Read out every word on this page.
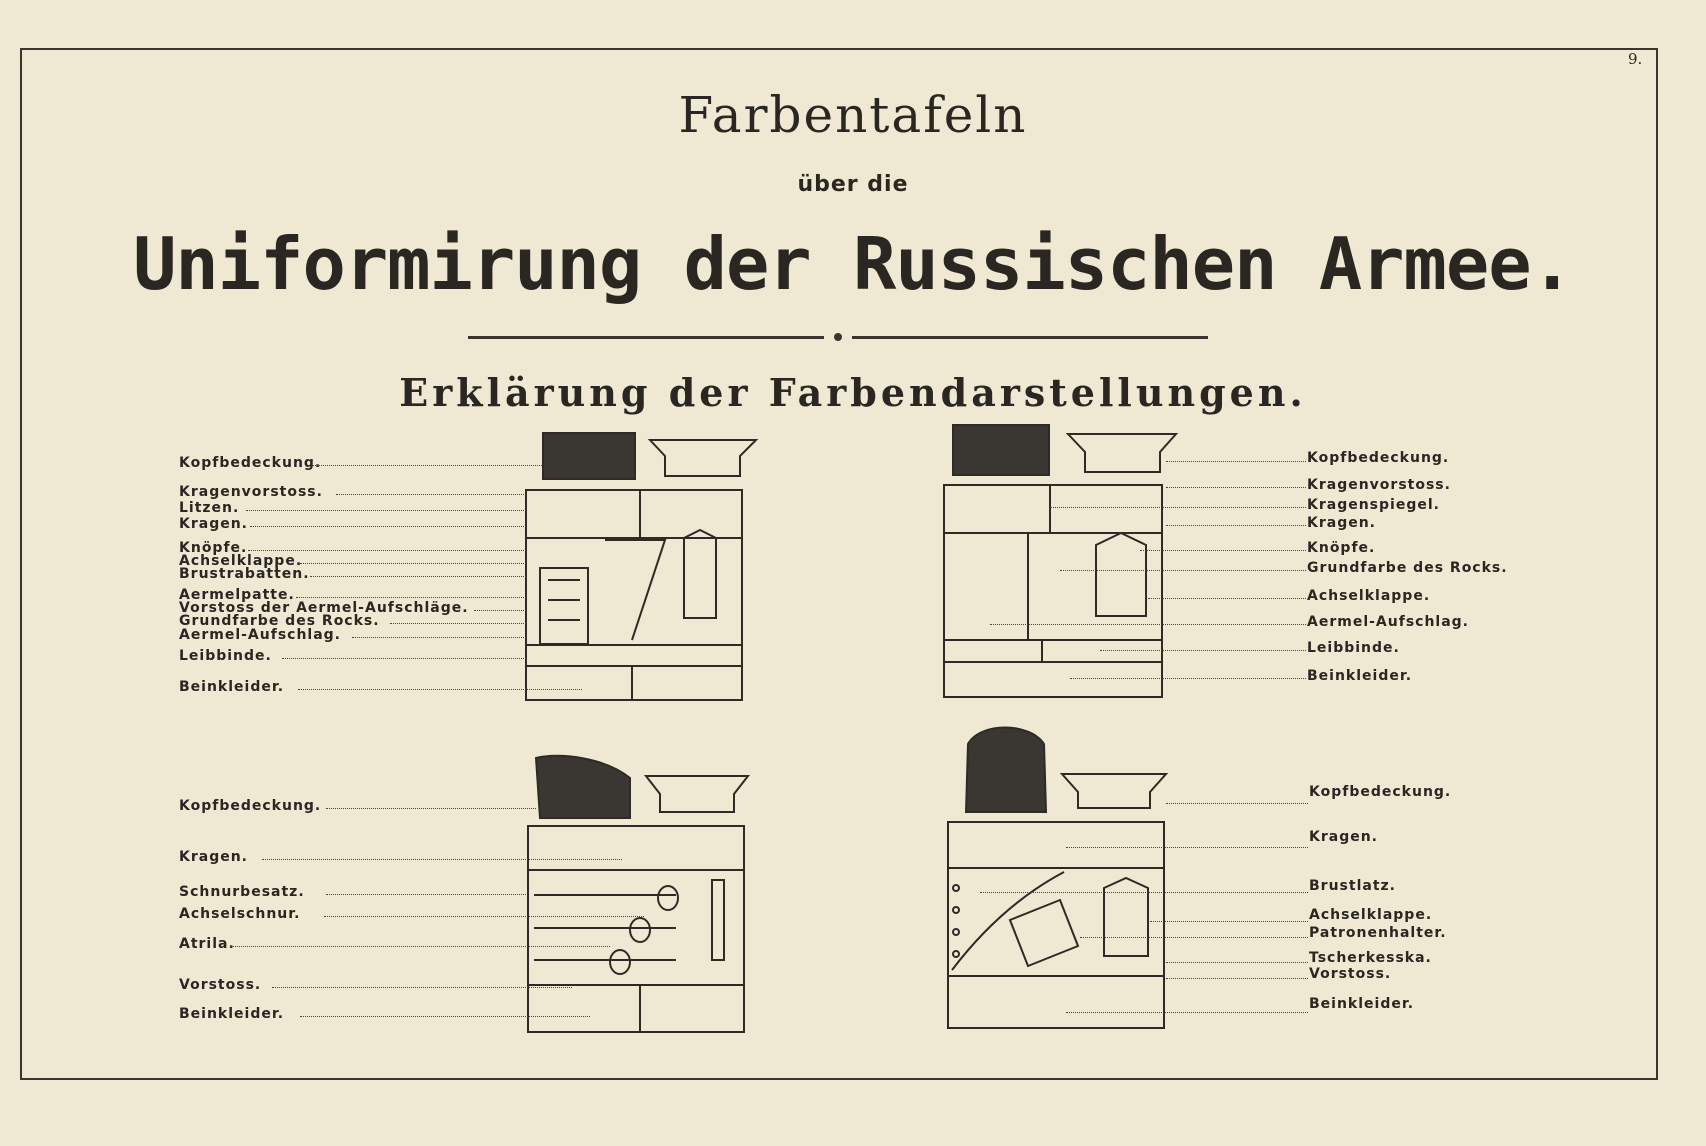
9.
Farbentafeln
über die
Uniformirung der Russischen Armee.
Erklärung der Farbendarstellungen.
Kopfbedeckung.
Kragenvorstoss.
Litzen.
Kragen.
Knöpfe.
Achselklappe.
Brustrabatten.
Aermelpatte.
Vorstoss der Aermel-Aufschläge.
Grundfarbe des Rocks.
Aermel-Aufschlag.
Leibbinde.
Beinkleider.
Kopfbedeckung.
Kragenvorstoss.
Kragenspiegel.
Kragen.
Knöpfe.
Grundfarbe des Rocks.
Achselklappe.
Aermel-Aufschlag.
Leibbinde.
Beinkleider.
Kopfbedeckung.
Kragen.
Schnurbesatz.
Achselschnur.
Atrila.
Vorstoss.
Beinkleider.
Kopfbedeckung.
Kragen.
Brustlatz.
Achselklappe.
Patronenhalter.
Tscherkesska.
Vorstoss.
Beinkleider.
